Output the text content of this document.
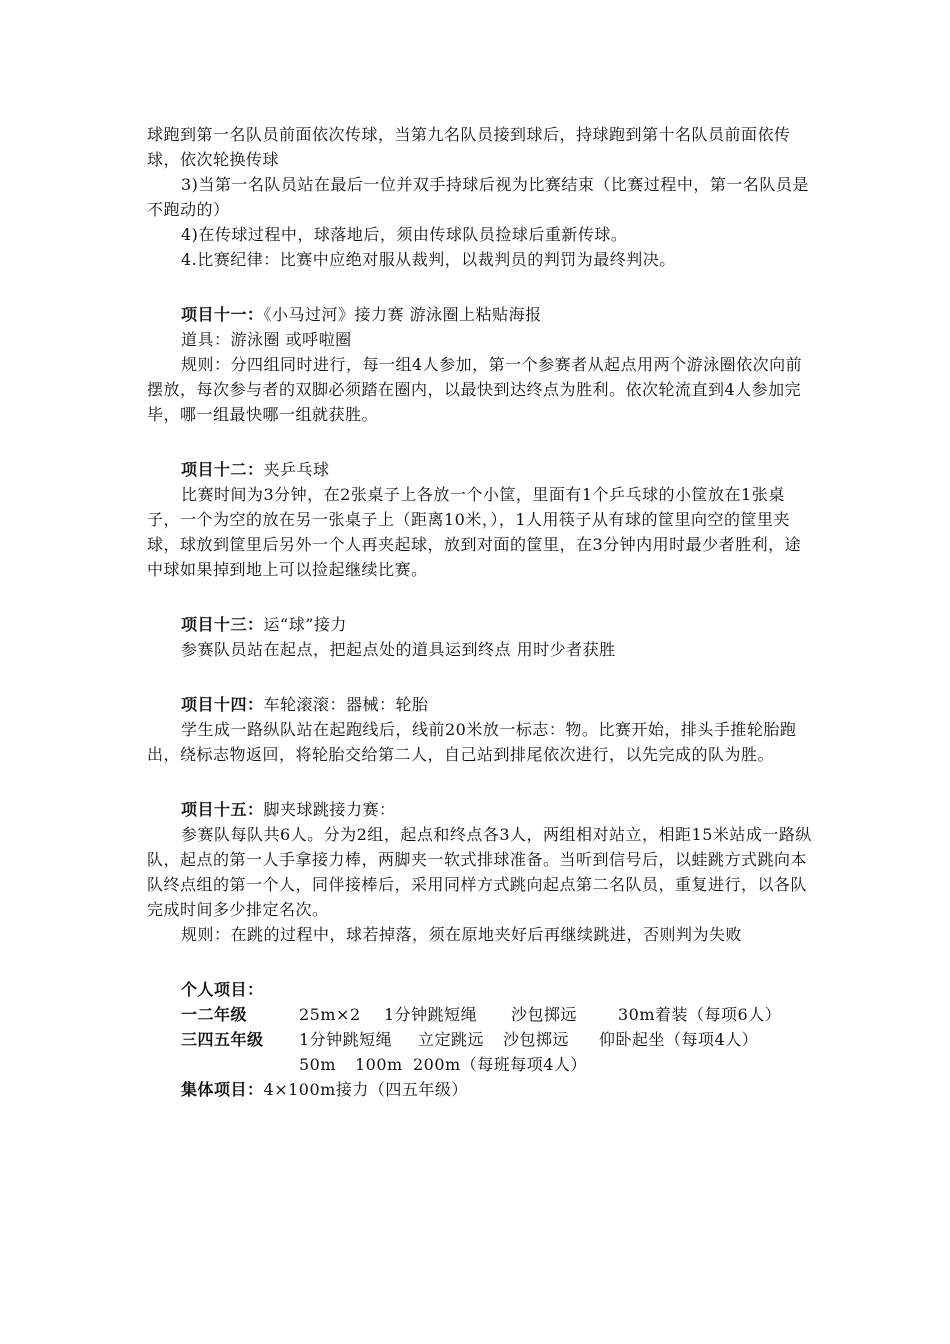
球跑到第一名队员前面依次传球，当第九名队员接到球后，持球跑到第十名队员前面依传球，依次轮换传球

3)当第一名队员站在最后一位并双手持球后视为比赛结束（比赛过程中，第一名队员是不跑动的）

4)在传球过程中，球落地后，须由传球队员捡球后重新传球。

4.比赛纪律：比赛中应绝对服从裁判，以裁判员的判罚为最终判决。

项目十一：《小马过河》接力赛 游泳圈上粘贴海报

道具：游泳圈 或呼啦圈

规则：分四组同时进行，每一组4人参加，第一个参赛者从起点用两个游泳圈依次向前摆放，每次参与者的双脚必须踏在圈内，以最快到达终点为胜利。依次轮流直到4人参加完毕，哪一组最快哪一组就获胜。

项目十二：夹乒乓球

比赛时间为3分钟，在2张桌子上各放一个小筐，里面有1个乒乓球的小筐放在1张桌子，一个为空的放在另一张桌子上（距离10米，），1人用筷子从有球的筐里向空的筐里夹球，球放到筐里后另外一个人再夹起球，放到对面的筐里，在3分钟内用时最少者胜利，途中球如果掉到地上可以捡起继续比赛。

项目十三：运“球”接力

参赛队员站在起点，把起点处的道具运到终点 用时少者获胜

项目十四：车轮滚滚：器械：轮胎

学生成一路纵队站在起跑线后，线前20米放一标志：物。比赛开始，排头手推轮胎跑出，绕标志物返回，将轮胎交给第二人，自己站到排尾依次进行，以先完成的队为胜。

项目十五：脚夹球跳接力赛：

参赛队每队共6人。分为2组，起点和终点各3人，两组相对站立，相距15米站成一路纵队，起点的第一人手拿接力棒，两脚夹一软式排球准备。当听到信号后，以蛙跳方式跳向本队终点组的第一个人，同伴接棒后，采用同样方式跳向起点第二名队员，重复进行，以各队完成时间多少排定名次。

规则：在跳的过程中，球若掉落，须在原地夹好后再继续跳进，否则判为失败

个人项目：

一二年级	25m×2 1分钟跳短绳 沙包掷远	30m着装（每项6人）
三四五年级 1分钟跳短绳 立定跳远 沙包掷远 仰卧起坐（每项4人）
50m 100m 200m（每班每项4人）

集体项目：4×100m接力（四五年级）
